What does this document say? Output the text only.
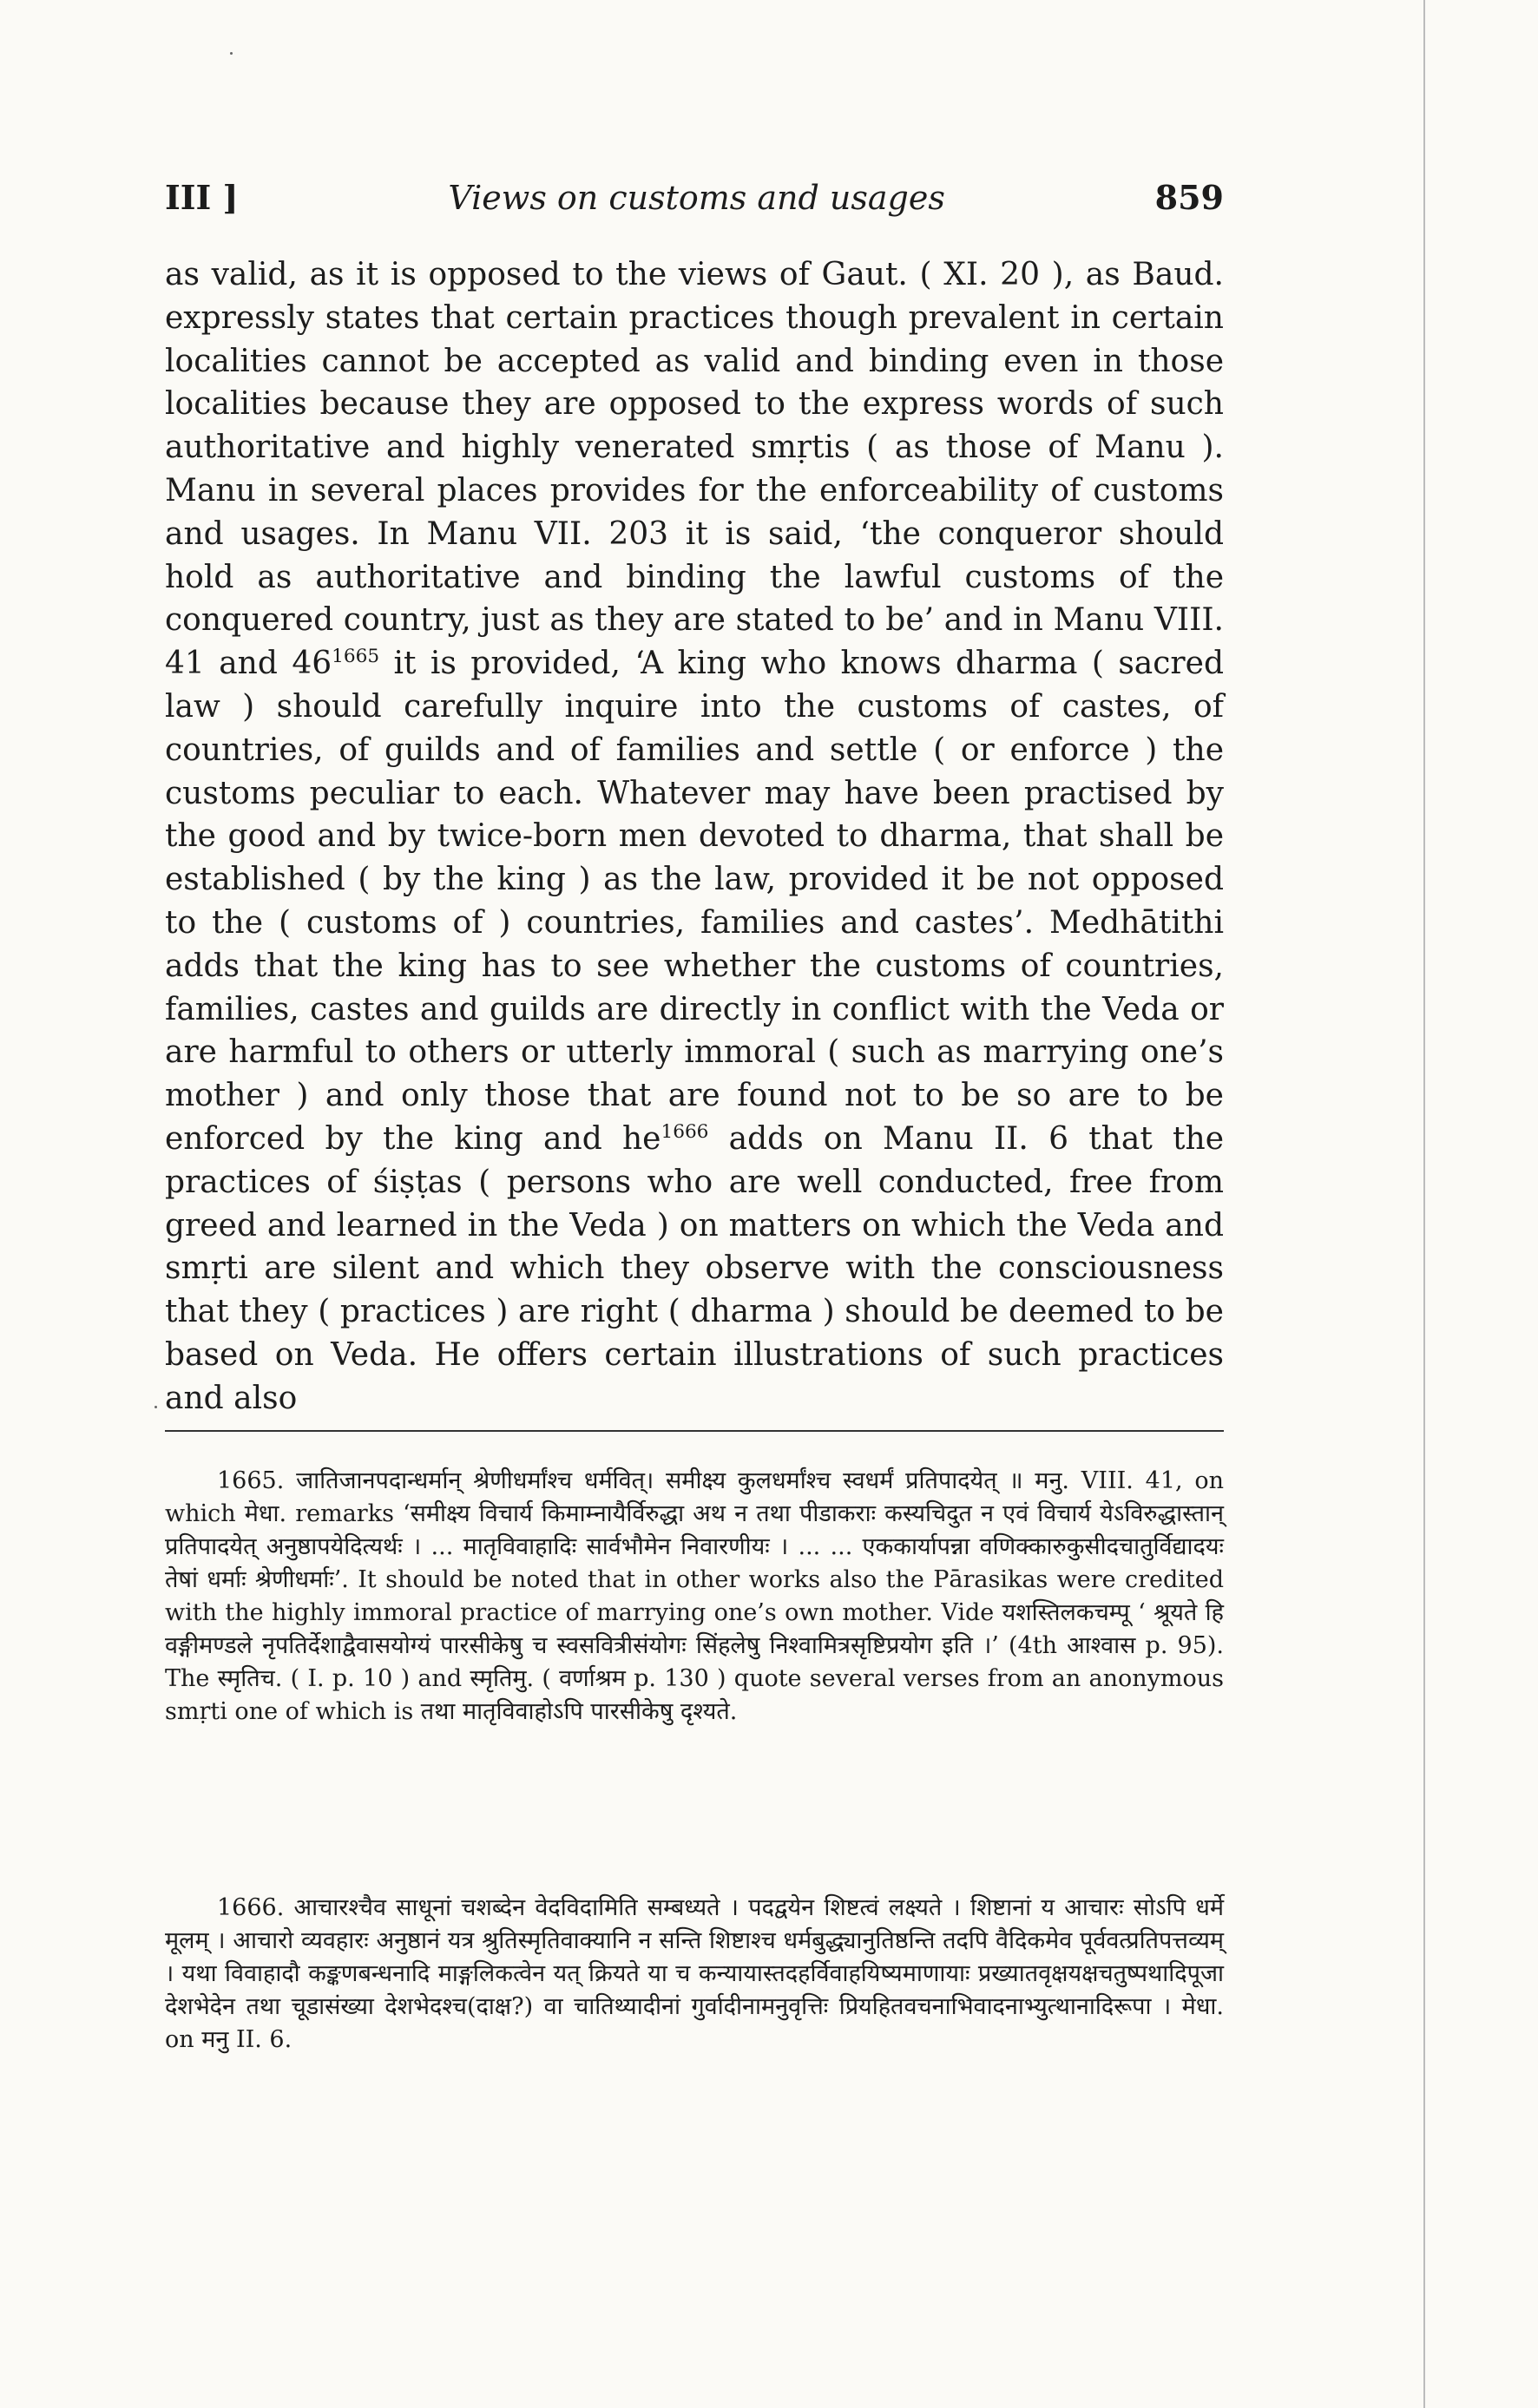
III ]	Views on customs and usages	859

as valid, as it is opposed to the views of Gaut. ( XI. 20 ), as Baud. expressly states that certain practices though prevalent in certain localities cannot be accepted as valid and binding even in those localities because they are opposed to the express words of such authoritative and highly venerated smṛtis ( as those of Manu ). Manu in several places provides for the enforceability of customs and usages. In Manu VII. 203 it is said, ‘the conqueror should hold as authoritative and binding the lawful customs of the conquered country, just as they are stated to be’ and in Manu VIII. 41 and $46^{1665}$ it is provided, ‘A king who knows dharma ( sacred law ) should carefully inquire into the customs of castes, of countries, of guilds and of families and settle ( or enforce ) the customs peculiar to each. Whatever may have been practised by the good and by twice-born men devoted to dharma, that shall be established ( by the king ) as the law, provided it be not opposed to the ( customs of ) countries, families and castes’. Medhātithi adds that the king has to see whether the customs of countries, families, castes and guilds are directly in conflict with the Veda or are harmful to others or utterly immoral ( such as marrying one’s mother ) and only those that are found not to be so are to be enforced by the king and $he^{1666}$ adds on Manu II. 6 that the practices of śiṣṭas ( persons who are well conducted, free from greed and learned in the Veda ) on matters on which the Veda and smṛti are silent and which they observe with the consciousness that they ( practices ) are right ( dharma ) should be deemed to be based on Veda. He offers certain illustrations of such practices and also

1665. जातिजानपदान्धर्मान् श्रेणीधर्मांश्च धर्मवित्। समीक्ष्य कुलधर्मांश्च स्वधर्मं प्रतिपादयेत् ॥ मनु. VIII. 41, on which मेधा. remarks ‘समीक्ष्य विचार्य किमाम्नायैर्विरुद्धा अथ न तथा पीडाकराः कस्यचिदुत न एवं विचार्य येऽविरुद्धास्तान् प्रतिपादयेत् अनुष्ठापयेदित्यर्थः । ... मातृविवाहादिः सार्वभौमेन निवारणीयः । ... ... एककार्यापन्ना वणिक्कारुकुसीदचातुर्विद्यादयः तेषां धर्माः श्रेणीधर्माः’. It should be noted that in other works also the Pārasikas were credited with the highly immoral practice of marrying one’s own mother. Vide यशस्तिलकचम्पू ‘ श्रूयते हि वङ्गीमण्डले नृपतिर्देशाद्वैवासयोग्यं पारसीकेषु च स्वसवित्रीसंयोगः सिंहलेषु निश्वामित्रसृष्टिप्रयोग इति ।’ (4th आश्वास p. 95). The स्मृतिच. ( I. p. 10 ) and स्मृतिमु. ( वर्णाश्रम p. 130 ) quote several verses from an anonymous smṛti one of which is तथा मातृविवाहोऽपि पारसीकेषु दृश्यते.

1666. आचारश्चैव साधूनां चशब्देन वेदविदामिति सम्बध्यते । पदद्वयेन शिष्टत्वं लक्ष्यते । शिष्टानां य आचारः सोऽपि धर्मे मूलम् । आचारो व्यवहारः अनुष्ठानं यत्र श्रुतिस्मृतिवाक्यानि न सन्ति शिष्टाश्च धर्मबुद्ध्यानुतिष्ठन्ति तदपि वैदिकमेव पूर्ववत्प्रतिपत्तव्यम् । यथा विवाहादौ कङ्कणबन्धनादि माङ्गलिकत्वेन यत् क्रियते या च कन्यायास्तदहर्विवाहयिष्यमाणायाः प्रख्यातवृक्षयक्षचतुष्पथादिपूजा देशभेदेन तथा चूडासंख्या देशभेदश्च(दाक्ष?) वा चातिथ्यादीनां गुर्वादीनामनुवृत्तिः प्रियहितवचनाभिवादनाभ्युत्थानादिरूपा । मेधा. on मनु II. 6.
